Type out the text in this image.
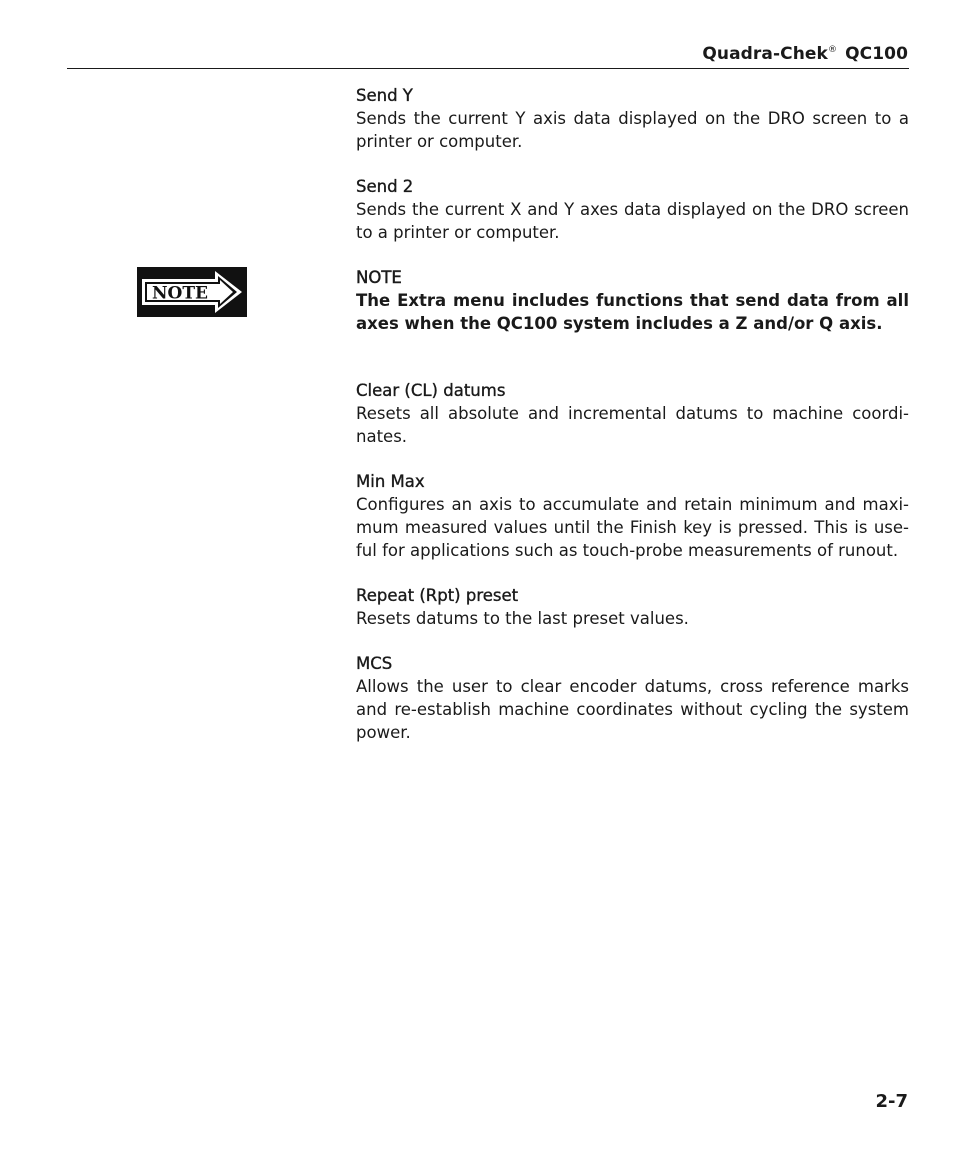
Quadra-Chek® QC100
NOTE
Send Y
Sends the current Y axis data displayed on the DRO screen to a printer or computer.
Send 2
Sends the current X and Y axes data displayed on the DRO screen to a printer or computer.
NOTE
The Extra menu includes functions that send data from all axes when the QC100 system includes a Z and/or Q axis.
Clear (CL) datums
Resets all absolute and incremental datums to machine coordi-nates.
Min Max
Configures an axis to accumulate and retain minimum and maxi-mum measured values until the Finish key is pressed. This is use-ful for applications such as touch-probe measurements of runout.
Repeat (Rpt) preset
Resets datums to the last preset values.
MCS
Allows the user to clear encoder datums, cross reference marks and re-establish machine coordinates without cycling the system power.
2-7
